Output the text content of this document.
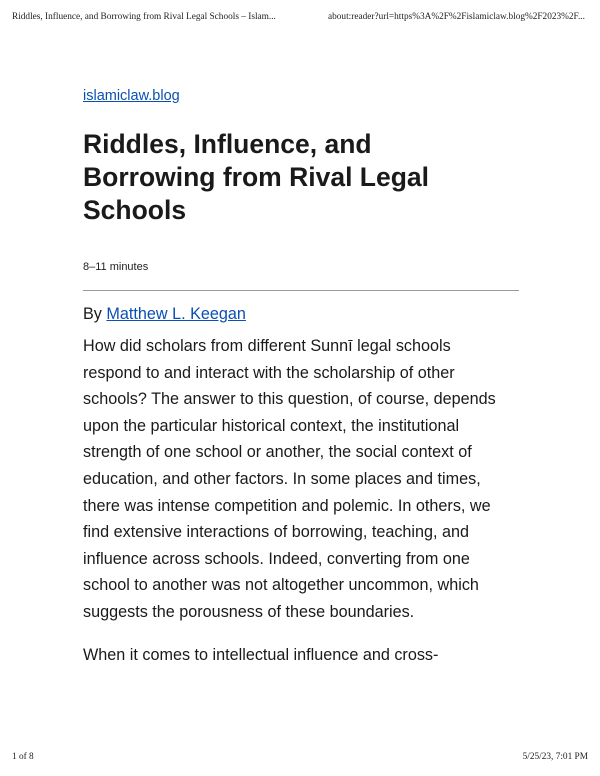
Riddles, Influence, and Borrowing from Rival Legal Schools – Islam...	about:reader?url=https%3A%2F%2Fislamiclaw.blog%2F2023%2F...
islamiclaw.blog
Riddles, Influence, and Borrowing from Rival Legal Schools
8–11 minutes
By Matthew L. Keegan

How did scholars from different Sunnī legal schools respond to and interact with the scholarship of other schools? The answer to this question, of course, depends upon the particular historical context, the institutional strength of one school or another, the social context of education, and other factors. In some places and times, there was intense competition and polemic. In others, we find extensive interactions of borrowing, teaching, and influence across schools. Indeed, converting from one school to another was not altogether uncommon, which suggests the porousness of these boundaries.

When it comes to intellectual influence and cross-

1 of 8	5/25/23, 7:01 PM
